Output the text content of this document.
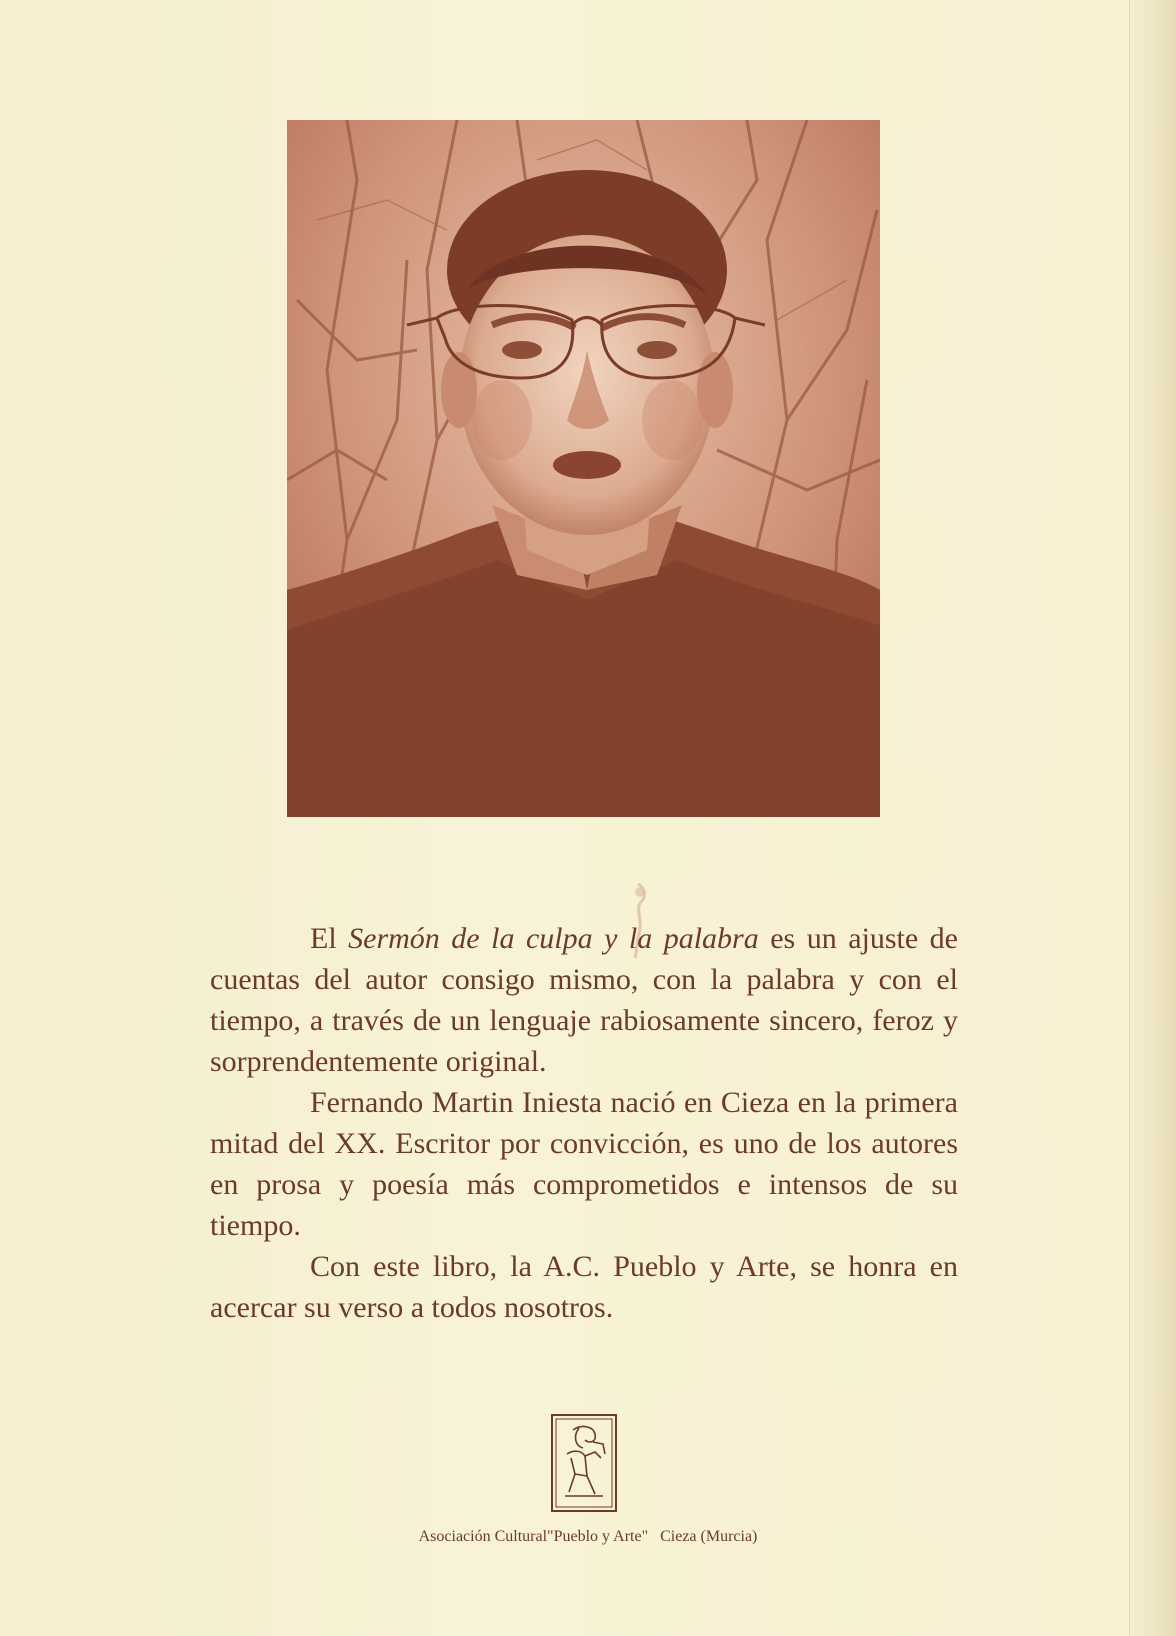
El Sermón de la culpa y la palabra es un ajuste de cuentas del autor consigo mismo, con la palabra y con el tiempo, a través de un lenguaje rabiosamente sincero, feroz y sorprendentemente original.

Fernando Martin Iniesta nació en Cieza en la primera mitad del XX. Escritor por convicción, es uno de los autores en prosa y poesía más comprometidos e intensos de su tiempo.

Con este libro, la A.C. Pueblo y Arte, se honra en acercar su verso a todos nosotros.

Asociación Cultural"Pueblo y Arte" Cieza (Murcia)
